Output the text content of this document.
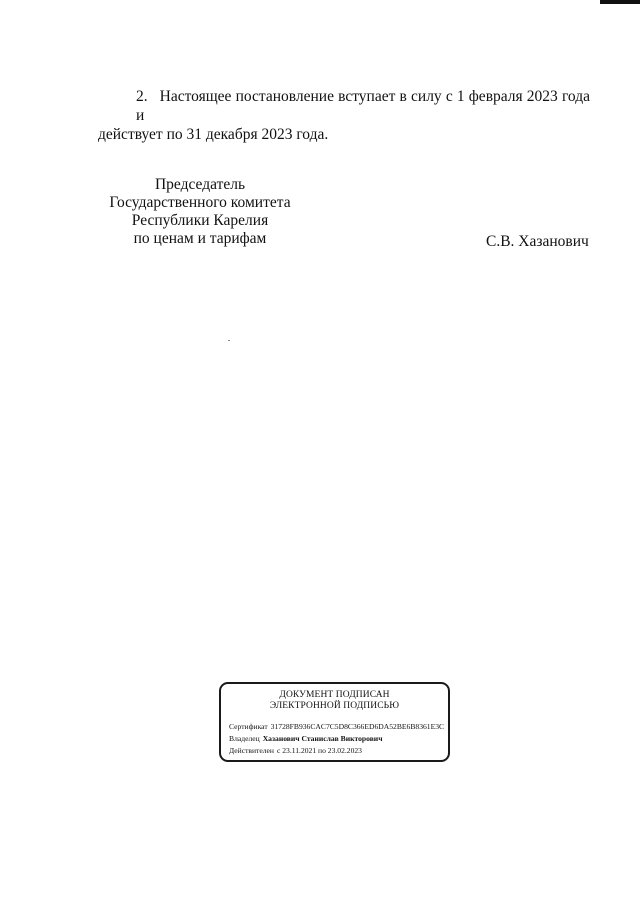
2. Настоящее постановление вступает в силу с 1 февраля 2023 года и
действует по 31 декабря 2023 года.
Председатель
Государственного комитета
Республики Карелия
по ценам и тарифам	С.В. Хазанович
ДОКУМЕНТ ПОДПИСАН
ЭЛЕКТРОННОЙ ПОДПИСЬЮ
Сертификат 31728FB936CAC7C5D8C366ED6DA52BE6B8361E3C
Владелец Хазанович Станислав Викторович
Действителен с 23.11.2021 по 23.02.2023
